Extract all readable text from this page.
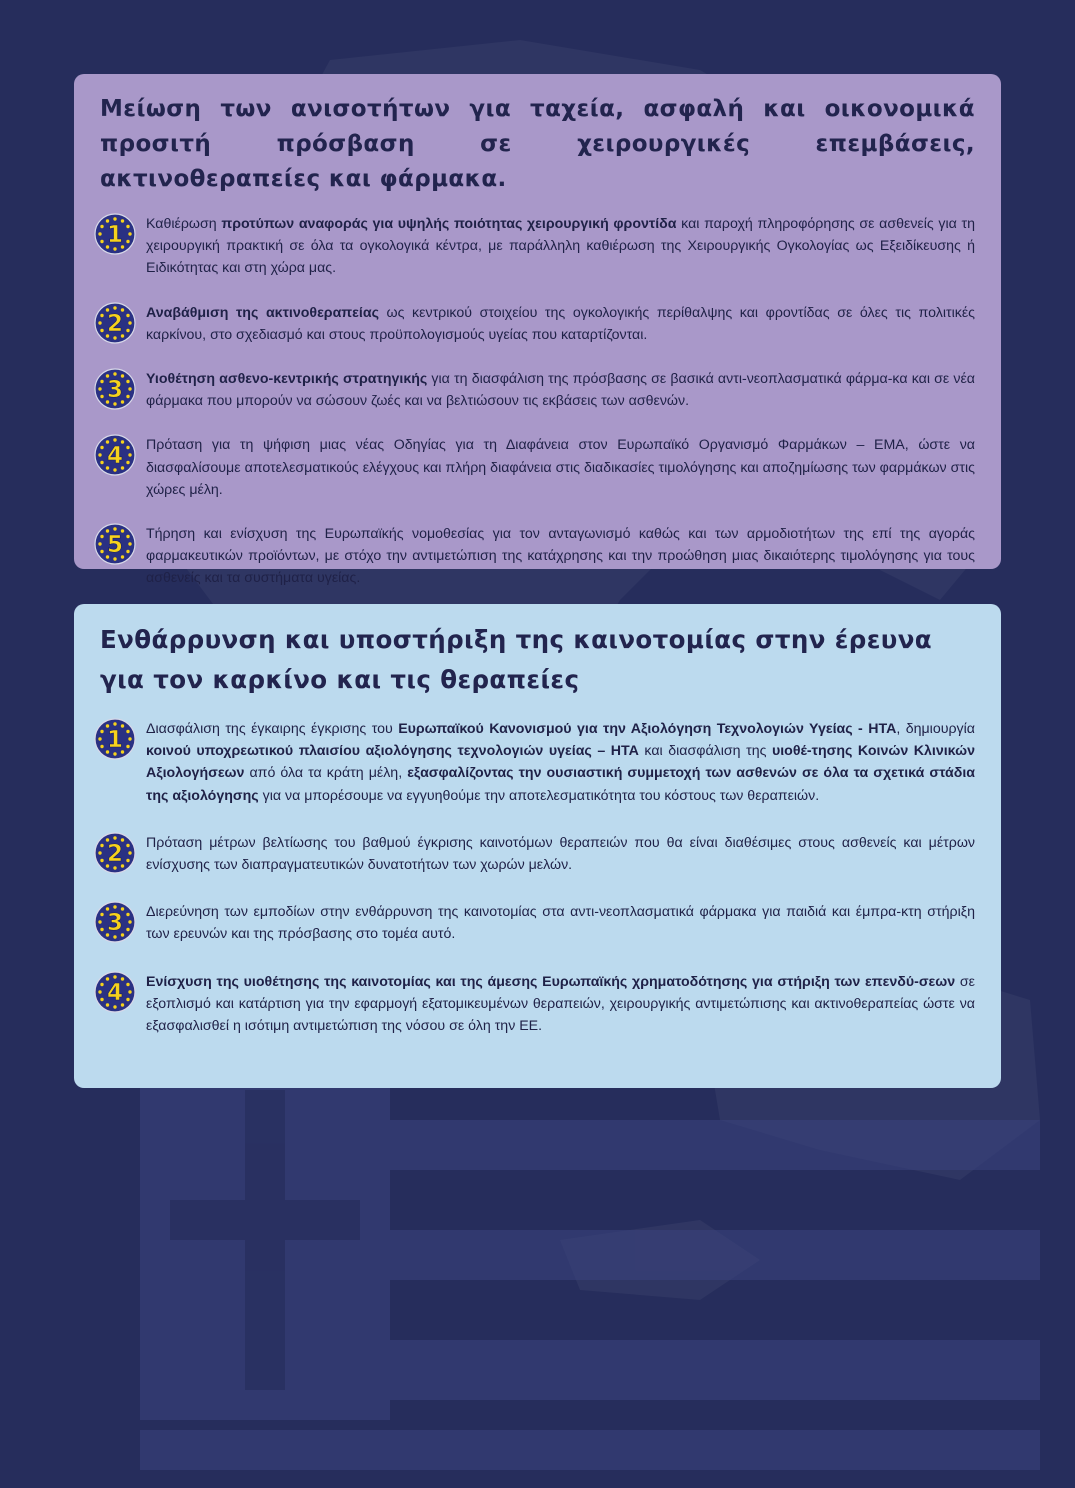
Μείωση των ανισοτήτων για ταχεία, ασφαλή και οικονομικά προσιτή πρόσβαση σε χειρουργικές επεμβάσεις, ακτινοθεραπείες και φάρμακα.
1 Καθιέρωση προτύπων αναφοράς για υψηλής ποιότητας χειρουργική φροντίδα και παροχή πληροφόρησης σε ασθενείς για τη χειρουργική πρακτική σε όλα τα ογκολογικά κέντρα, με παράλληλη καθιέρωση της Χειρουργικής Ογκολογίας ως Εξειδίκευσης ή Ειδικότητας και στη χώρα μας.

2 Αναβάθμιση της ακτινοθεραπείας ως κεντρικού στοιχείου της ογκολογικής περίθαλψης και φροντίδας σε όλες τις πολιτικές καρκίνου, στο σχεδιασμό και στους προϋπολογισμούς υγείας που καταρτίζονται.

3 Υιοθέτηση ασθενο-κεντρικής στρατηγικής για τη διασφάλιση της πρόσβασης σε βασικά αντι-νεοπλασματικά φάρμα-κα και σε νέα φάρμακα που μπορούν να σώσουν ζωές και να βελτιώσουν τις εκβάσεις των ασθενών.

4 Πρόταση για τη ψήφιση μιας νέας Οδηγίας για τη Διαφάνεια στον Ευρωπαϊκό Οργανισμό Φαρμάκων – ΕΜΑ, ώστε να διασφαλίσουμε αποτελεσματικούς ελέγχους και πλήρη διαφάνεια στις διαδικασίες τιμολόγησης και αποζημίωσης των φαρμάκων στις χώρες μέλη.

5 Τήρηση και ενίσχυση της Ευρωπαϊκής νομοθεσίας για τον ανταγωνισμό καθώς και των αρμοδιοτήτων της επί της αγοράς φαρμακευτικών προϊόντων, με στόχο την αντιμετώπιση της κατάχρησης και την προώθηση μιας δικαιότερης τιμολόγησης για τους ασθενείς και τα συστήματα υγείας.

Ενθάρρυνση και υποστήριξη της καινοτομίας στην έρευνα για τον καρκίνο και τις θεραπείες
1 Διασφάλιση της έγκαιρης έγκρισης του Ευρωπαϊκού Κανονισμού για την Αξιολόγηση Τεχνολογιών Υγείας - HTA, δημιουργία κοινού υποχρεωτικού πλαισίου αξιολόγησης τεχνολογιών υγείας – HTA και διασφάλιση της υιοθέ-τησης Κοινών Κλινικών Αξιολογήσεων από όλα τα κράτη μέλη, εξασφαλίζοντας την ουσιαστική συμμετοχή των ασθενών σε όλα τα σχετικά στάδια της αξιολόγησης για να μπορέσουμε να εγγυηθούμε την αποτελεσματικότητα του κόστους των θεραπειών.

2 Πρόταση μέτρων βελτίωσης του βαθμού έγκρισης καινοτόμων θεραπειών που θα είναι διαθέσιμες στους ασθενείς και μέτρων ενίσχυσης των διαπραγματευτικών δυνατοτήτων των χωρών μελών.

3 Διερεύνηση των εμποδίων στην ενθάρρυνση της καινοτομίας στα αντι-νεοπλασματικά φάρμακα για παιδιά και έμπρα-κτη στήριξη των ερευνών και της πρόσβασης στο τομέα αυτό.

4 Ενίσχυση της υιοθέτησης της καινοτομίας και της άμεσης Ευρωπαϊκής χρηματοδότησης για στήριξη των επενδύ-σεων σε εξοπλισμό και κατάρτιση για την εφαρμογή εξατομικευμένων θεραπειών, χειρουργικής αντιμετώπισης και ακτινοθεραπείας ώστε να εξασφαλισθεί η ισότιμη αντιμετώπιση της νόσου σε όλη την ΕΕ.
